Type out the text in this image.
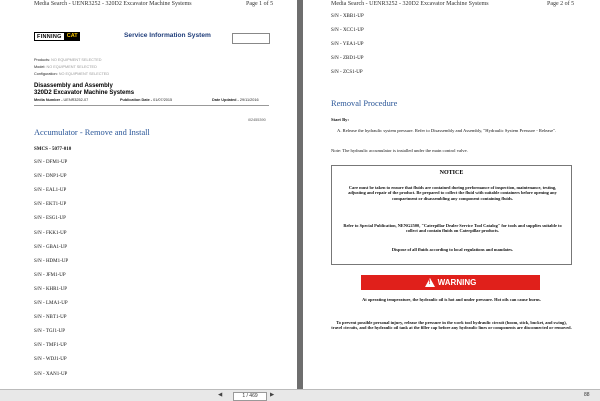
Media Search - UENR3252 - 320D2 Excavator Machine Systems	Page 1 of 5
FINNING CAT	Service Information System
Products: NO EQUIPMENT SELECTED
Model: NO EQUIPMENT SELECTED
Configuration: NO EQUIPMENT SELECTED
Disassembly and Assembly
320D2 Excavator Machine Systems
Media Number - UENR3252-07	Publication Date - 01/07/2015	Date Updated - 29/11/2016
i02455390
Accumulator - Remove and Install
SMCS - 5077-010
S/N - DFM1-UP
S/N - DNP1-UP
S/N - EAL1-UP
S/N - EKT1-UP
S/N - ESG1-UP
S/N - FKK1-UP
S/N - GBA1-UP
S/N - HDM1-UP
S/N - JFM1-UP
S/N - KHR1-UP
S/N - LMA1-UP
S/N - NBT1-UP
S/N - TGJ1-UP
S/N - TMF1-UP
S/N - WDJ1-UP
S/N - XAN1-UP
Media Search - UENR3252 - 320D2 Excavator Machine Systems	Page 2 of 5
S/N - XBB1-UP
S/N - XCC1-UP
S/N - YEA1-UP
S/N - ZBD1-UP
S/N - ZCS1-UP
Removal Procedure
Start By:
A. Release the hydraulic system pressure. Refer to Disassembly and Assembly, "Hydraulic System Pressure - Release".
Note: The hydraulic accumulator is installed under the main control valve.
NOTICE
Care must be taken to ensure that fluids are contained during performance of inspection, maintenance, testing, adjusting and repair of the product. Be prepared to collect the fluid with suitable containers before opening any compartment or disassembling any component containing fluids.
Refer to Special Publication, NENG2500, "Caterpillar Dealer Service Tool Catalog" for tools and supplies suitable to collect and contain fluids on Caterpillar products.
Dispose of all fluids according to local regulations and mandates.
! WARNING
At operating temperature, the hydraulic oil is hot and under pressure. Hot oils can cause burns.
To prevent possible personal injury, release the pressure in the work tool hydraulic circuit (boom, stick, bucket, and swing), travel circuits, and the hydraulic oil tank at the filler cap before any hydraulic lines or components are disconnected or removed.
◀	1 / 469	▶	88
